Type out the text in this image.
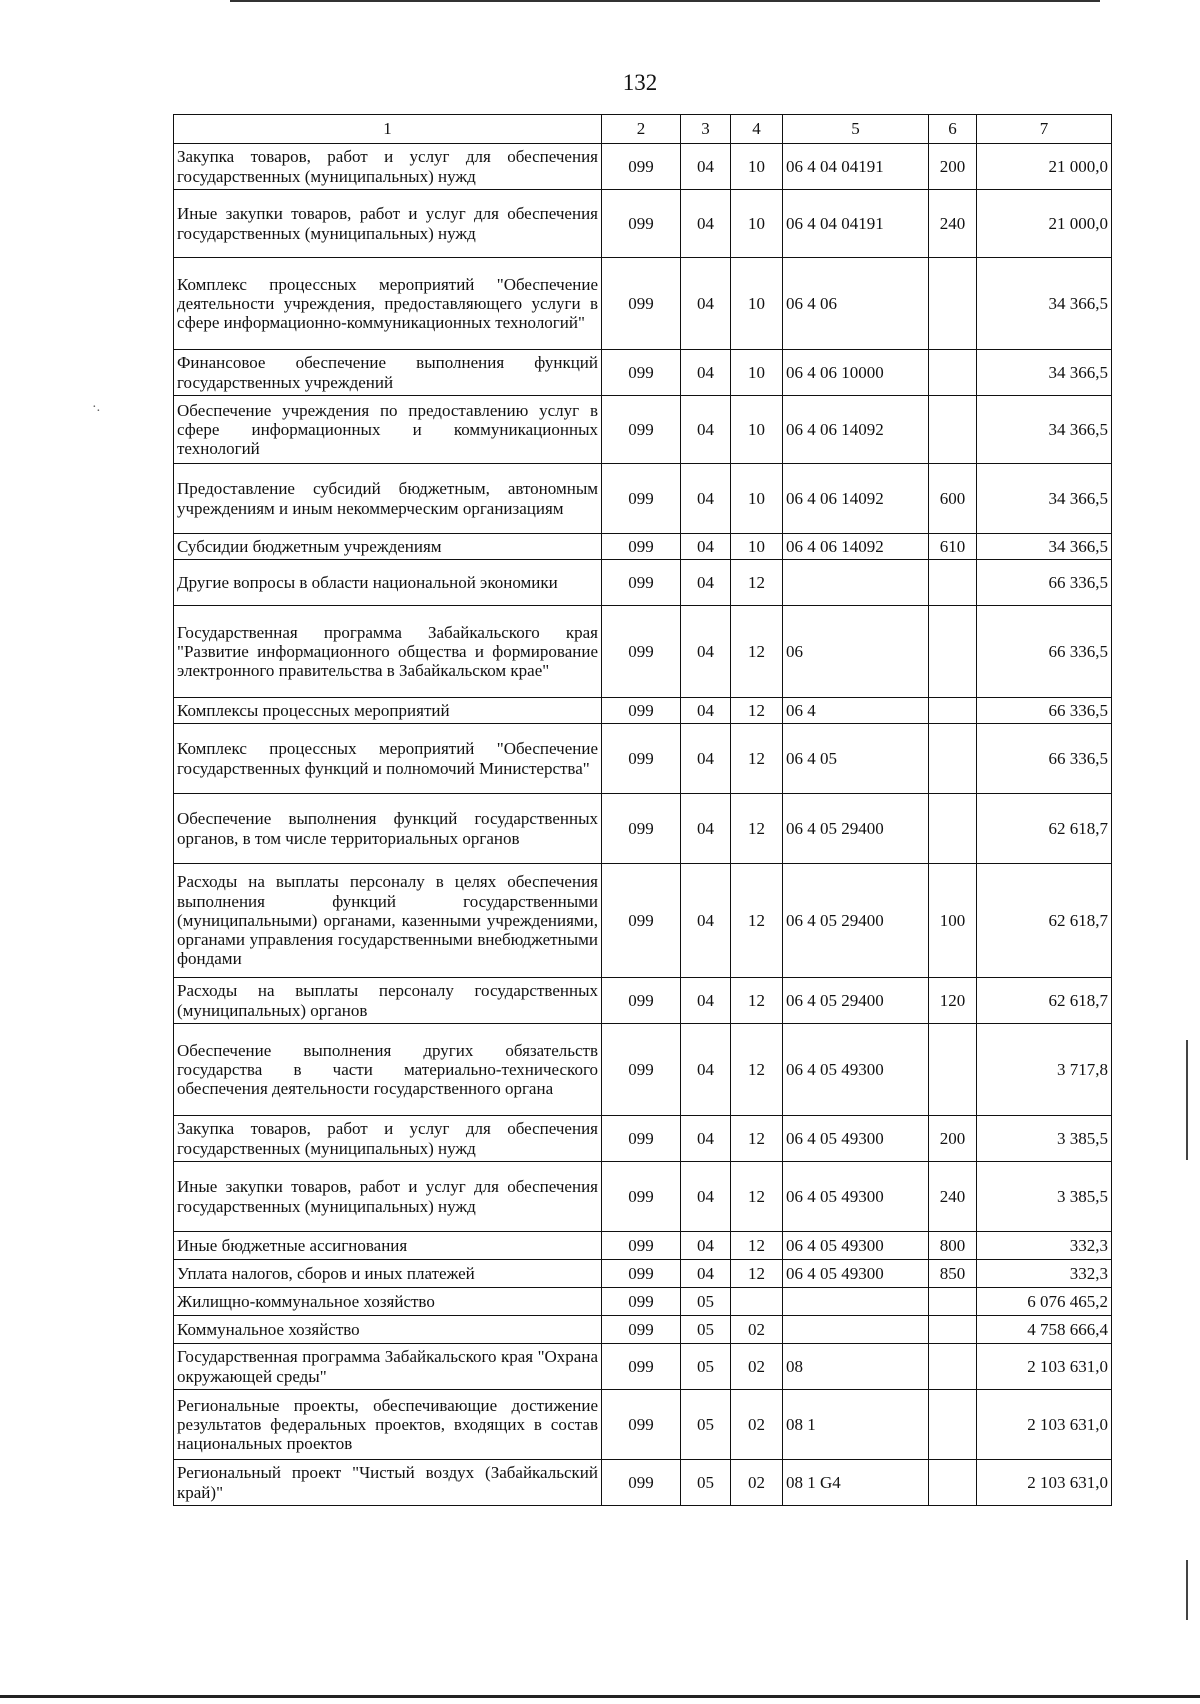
132
·.
1	2	3	4	5	6	7
Закупка товаров, работ и услуг для обеспечения государственных (муниципальных) нужд	099	04	10	06 4 04 04191	200	21 000,0
Иные закупки товаров, работ и услуг для обеспечения государственных (муниципальных) нужд	099	04	10	06 4 04 04191	240	21 000,0
Комплекс процессных мероприятий "Обеспечение деятельности учреждения, предоставляющего услуги в сфере информационно-коммуникационных технологий"	099	04	10	06 4 06		34 366,5
Финансовое обеспечение выполнения функций государственных учреждений	099	04	10	06 4 06 10000		34 366,5
Обеспечение учреждения по предоставлению услуг в сфере информационных и коммуникационных технологий	099	04	10	06 4 06 14092		34 366,5
Предоставление субсидий бюджетным, автономным учреждениям и иным некоммерческим организациям	099	04	10	06 4 06 14092	600	34 366,5
Субсидии бюджетным учреждениям	099	04	10	06 4 06 14092	610	34 366,5
Другие вопросы в области национальной экономики	099	04	12			66 336,5
Государственная программа Забайкальского края "Развитие информационного общества и формирование электронного правительства в Забайкальском крае"	099	04	12	06		66 336,5
Комплексы процессных мероприятий	099	04	12	06 4		66 336,5
Комплекс процессных мероприятий "Обеспечение государственных функций и полномочий Министерства"	099	04	12	06 4 05		66 336,5
Обеспечение выполнения функций государственных органов, в том числе территориальных органов	099	04	12	06 4 05 29400		62 618,7
Расходы на выплаты персоналу в целях обеспечения выполнения функций государственными (муниципальными) органами, казенными учреждениями, органами управления государственными внебюджетными фондами	099	04	12	06 4 05 29400	100	62 618,7
Расходы на выплаты персоналу государственных (муниципальных) органов	099	04	12	06 4 05 29400	120	62 618,7
Обеспечение выполнения других обязательств государства в части материально-технического обеспечения деятельности государственного органа	099	04	12	06 4 05 49300		3 717,8
Закупка товаров, работ и услуг для обеспечения государственных (муниципальных) нужд	099	04	12	06 4 05 49300	200	3 385,5
Иные закупки товаров, работ и услуг для обеспечения государственных (муниципальных) нужд	099	04	12	06 4 05 49300	240	3 385,5
Иные бюджетные ассигнования	099	04	12	06 4 05 49300	800	332,3
Уплата налогов, сборов и иных платежей	099	04	12	06 4 05 49300	850	332,3
Жилищно-коммунальное хозяйство	099	05				6 076 465,2
Коммунальное хозяйство	099	05	02			4 758 666,4
Государственная программа Забайкальского края "Охрана окружающей среды"	099	05	02	08		2 103 631,0
Региональные проекты, обеспечивающие достижение результатов федеральных проектов, входящих в состав национальных проектов	099	05	02	08 1		2 103 631,0
Региональный проект "Чистый воздух (Забайкальский край)"	099	05	02	08 1 G4		2 103 631,0
